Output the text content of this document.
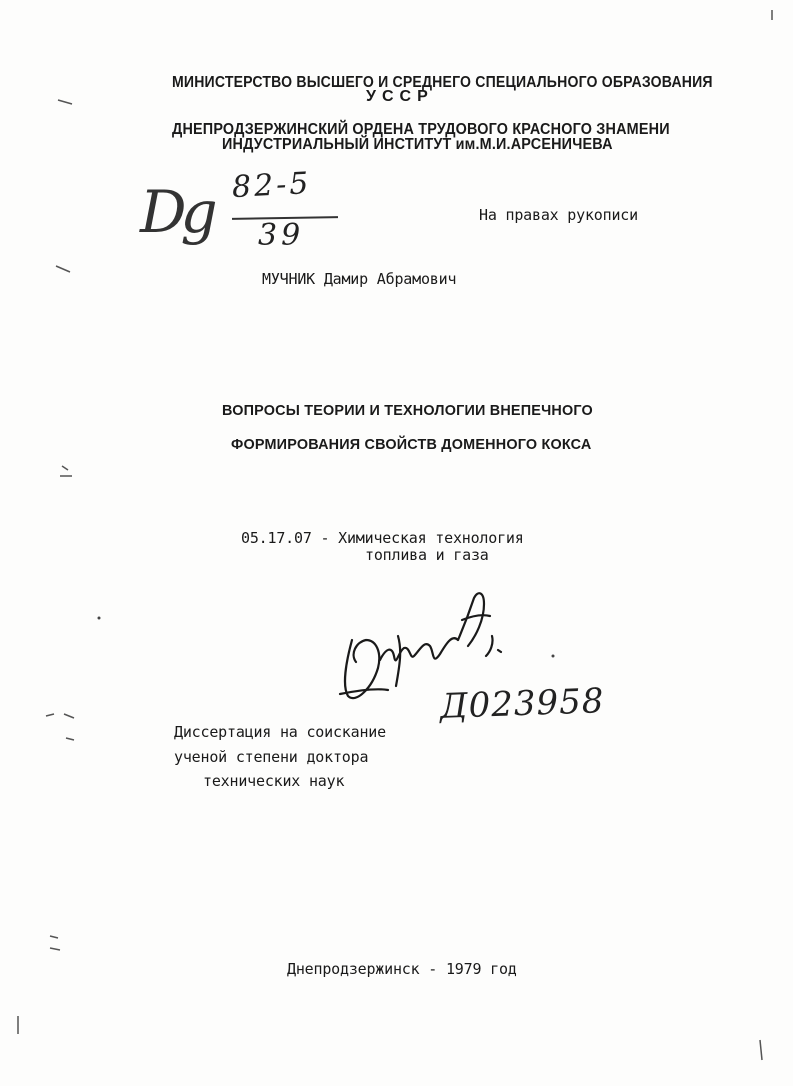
МИНИСТЕРСТВО ВЫСШЕГО И СРЕДНЕГО СПЕЦИАЛЬНОГО ОБРАЗОВАНИЯ
УССР
ДНЕПРОДЗЕРЖИНСКИЙ ОРДЕНА ТРУДОВОГО КРАСНОГО ЗНАМЕНИ
ИНДУСТРИАЛЬНЫЙ ИНСТИТУТ им.М.И.АРСЕНИЧЕВА
Dg 82-5
39
На правах рукописи
МУЧНИК Дамир Абрамович
ВОПРОСЫ ТЕОРИИ И ТЕХНОЛОГИИ ВНЕПЕЧНОГО
ФОРМИРОВАНИЯ СВОЙСТВ ДОМЕННОГО КОКСА
05.17.07 - Химическая технология
топлива и газа
Д023958
Диссертация на соискание
ученой степени доктора
технических наук
Днепродзержинск - 1979 год
